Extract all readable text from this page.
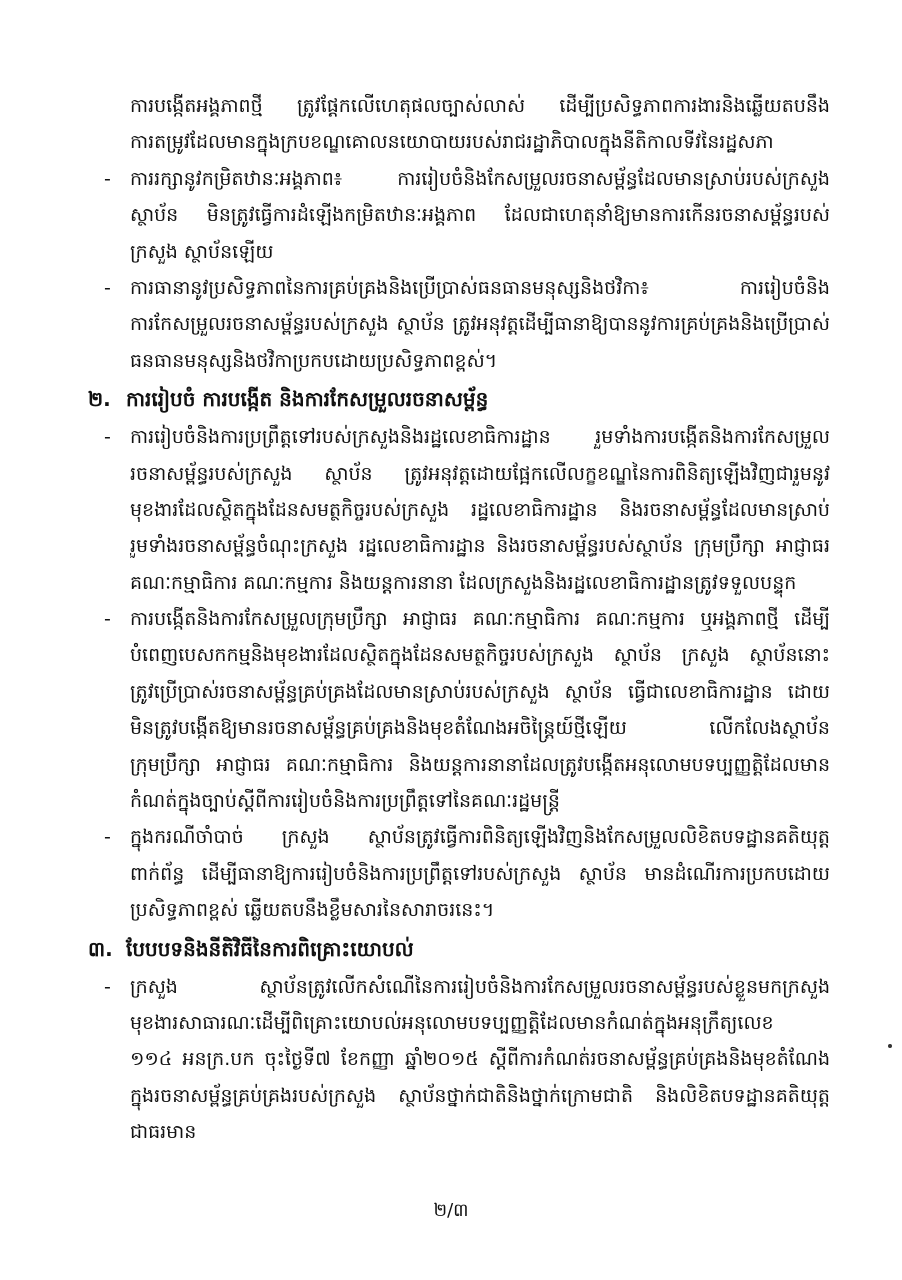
ការបង្កើតអង្គភាពថ្មី ត្រូវផ្តែកលើហេតុផលច្បាស់លាស់ ដើម្បីប្រសិទ្ធភាពការងារនិងឆ្លើយតបនឹង
ការតម្រូវដែលមានក្នុងក្របខណ្ឌគោលនយោបាយរបស់រាជរដ្ឋាភិបាលក្នុងនីតិកាលទីវនៃរដ្ឋសភា
-	ការរក្សានូវកម្រិតឋានៈអង្គភាព៖ ការរៀបចំនិងកែសម្រួលរចនាសម្ព័ន្ធដែលមានស្រាប់របស់ក្រសួង
ស្ថាប័ន មិនត្រូវធ្វើការដំឡើងកម្រិតឋានៈអង្គភាព ដែលជាហេតុនាំឱ្យមានការកើនរចនាសម្ព័ន្ធរបស់
ក្រសួង ស្ថាប័នឡើយ
-	ការធានានូវប្រសិទ្ធភាពនៃការគ្រប់គ្រងនិងប្រើប្រាស់ធនធានមនុស្សនិងថវិកា៖ ការរៀបចំនិង
ការកែសម្រួលរចនាសម្ព័ន្ធរបស់ក្រសួង ស្ថាប័ន ត្រូវអនុវត្តដើម្បីធានាឱ្យបាននូវការគ្រប់គ្រងនិងប្រើប្រាស់
ធនធានមនុស្សនិងថវិកាប្រកបដោយប្រសិទ្ធភាពខ្ពស់។
២. ការរៀបចំ ការបង្កើត និងការកែសម្រួលរចនាសម្ព័ន្ធ
-	ការរៀបចំនិងការប្រព្រឹត្តទៅរបស់ក្រសួងនិងរដ្ឋលេខាធិការដ្ឋាន រួមទាំងការបង្កើតនិងការកែសម្រួល
រចនាសម្ព័ន្ធរបស់ក្រសួង ស្ថាប័ន ត្រូវអនុវត្តដោយផ្អែកលើលក្ខខណ្ឌនៃការពិនិត្យឡើងវិញជារួមនូវ
មុខងារដែលស្ថិតក្នុងដែនសមត្ថកិច្ចរបស់ក្រសួង រដ្ឋលេខាធិការដ្ឋាន និងរចនាសម្ព័ន្ធដែលមានស្រាប់
រួមទាំងរចនាសម្ព័ន្ធចំណុះក្រសួង រដ្ឋលេខាធិការដ្ឋាន និងរចនាសម្ព័ន្ធរបស់ស្ថាប័ន ក្រុមប្រឹក្សា អាជ្ញាធរ
គណៈកម្មាធិការ គណៈកម្មការ និងយន្តការនានា ដែលក្រសួងនិងរដ្ឋលេខាធិការដ្ឋានត្រូវទទួលបន្ទុក
-	ការបង្កើតនិងការកែសម្រួលក្រុមប្រឹក្សា អាជ្ញាធរ គណៈកម្មាធិការ គណៈកម្មការ ឬអង្គភាពថ្មី ដើម្បី
បំពេញបេសកកម្មនិងមុខងារដែលស្ថិតក្នុងដែនសមត្ថកិច្ចរបស់ក្រសួង ស្ថាប័ន ក្រសួង ស្ថាប័ននោះ
ត្រូវប្រើប្រាស់រចនាសម្ព័ន្ធគ្រប់គ្រងដែលមានស្រាប់របស់ក្រសួង ស្ថាប័ន ធ្វើជាលេខាធិការដ្ឋាន ដោយ
មិនត្រូវបង្កើតឱ្យមានរចនាសម្ព័ន្ធគ្រប់គ្រងនិងមុខតំណែងអចិន្ត្រៃយ៍ថ្មីឡើយ លើកលែងស្ថាប័ន
ក្រុមប្រឹក្សា អាជ្ញាធរ គណៈកម្មាធិការ និងយន្តការនានាដែលត្រូវបង្កើតអនុលោមបទប្បញ្ញត្តិដែលមាន
កំណត់ក្នុងច្បាប់ស្តីពីការរៀបចំនិងការប្រព្រឹត្តទៅនៃគណៈរដ្ឋមន្ត្រី
-	ក្នុងករណីចាំបាច់ ក្រសួង ស្ថាប័នត្រូវធ្វើការពិនិត្យឡើងវិញនិងកែសម្រួលលិខិតបទដ្ឋានគតិយុត្ត
ពាក់ព័ន្ធ ដើម្បីធានាឱ្យការរៀបចំនិងការប្រព្រឹត្តទៅរបស់ក្រសួង ស្ថាប័ន មានដំណើរការប្រកបដោយ
ប្រសិទ្ធភាពខ្ពស់ ឆ្លើយតបនឹងខ្លឹមសារនៃសារាចរនេះ។
៣. បែបបទនិងនីតិវិធីនៃការពិគ្រោះយោបល់
-	ក្រសួង ស្ថាប័នត្រូវលើកសំណើនៃការរៀបចំនិងការកែសម្រួលរចនាសម្ព័ន្ធរបស់ខ្លួនមកក្រសួង
មុខងារសាធារណៈដើម្បីពិគ្រោះយោបល់អនុលោមបទប្បញ្ញត្តិដែលមានកំណត់ក្នុងអនុក្រឹត្យលេខ
១១៤ អនក្រ.បក ចុះថ្ងៃទី៧ ខែកញ្ញា ឆ្នាំ២០១៥ ស្តីពីការកំណត់រចនាសម្ព័ន្ធគ្រប់គ្រងនិងមុខតំណែង
ក្នុងរចនាសម្ព័ន្ធគ្រប់គ្រងរបស់ក្រសួង ស្ថាប័នថ្នាក់ជាតិនិងថ្នាក់ក្រោមជាតិ និងលិខិតបទដ្ឋានគតិយុត្ត
ជាធរមាន
២/៣
